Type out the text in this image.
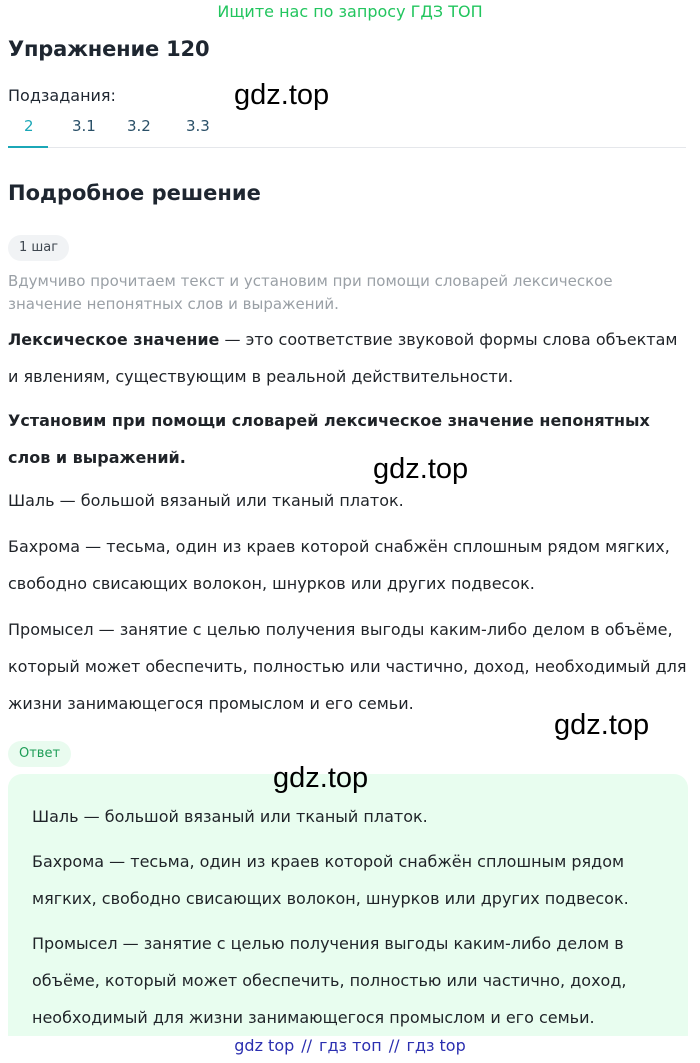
Ищите нас по запросу ГДЗ ТОП
Упражнение 120
Подзадания:	gdz.top
2	3.1 3.2 3.3
Подробное решение
1 шаг
Вдумчиво прочитаем текст и установим при помощи словарей лексическое значение непонятных слов и выражений.
Лексическое значение — это соответствие звуковой формы слова объектам и явлениям, существующим в реальной действительности.
Установим при помощи словарей лексическое значение непонятных слов и выражений.	gdz.top
Шаль — большой вязаный или тканый платок.
Бахрома — тесьма, один из краев которой снабжён сплошным рядом мягких, свободно свисающих волокон, шнурков или других подвесок.
Промысел — занятие с целью получения выгоды каким-либо делом в объёме, который может обеспечить, полностью или частично, доход, необходимый для жизни занимающегося промыслом и его семьи.
gdz.top
Ответ
Шаль — большой вязаный или тканый платок.
Бахрома — тесьма, один из краев которой снабжён сплошным рядом мягких, свободно свисающих волокон, шнурков или других подвесок.
Промысел — занятие с целью получения выгоды каким-либо делом в объёме, который может обеспечить, полностью или частично, доход, необходимый для жизни занимающегося промыслом и его семьи.
gdz.top
gdz top // гдз топ // гдз top
